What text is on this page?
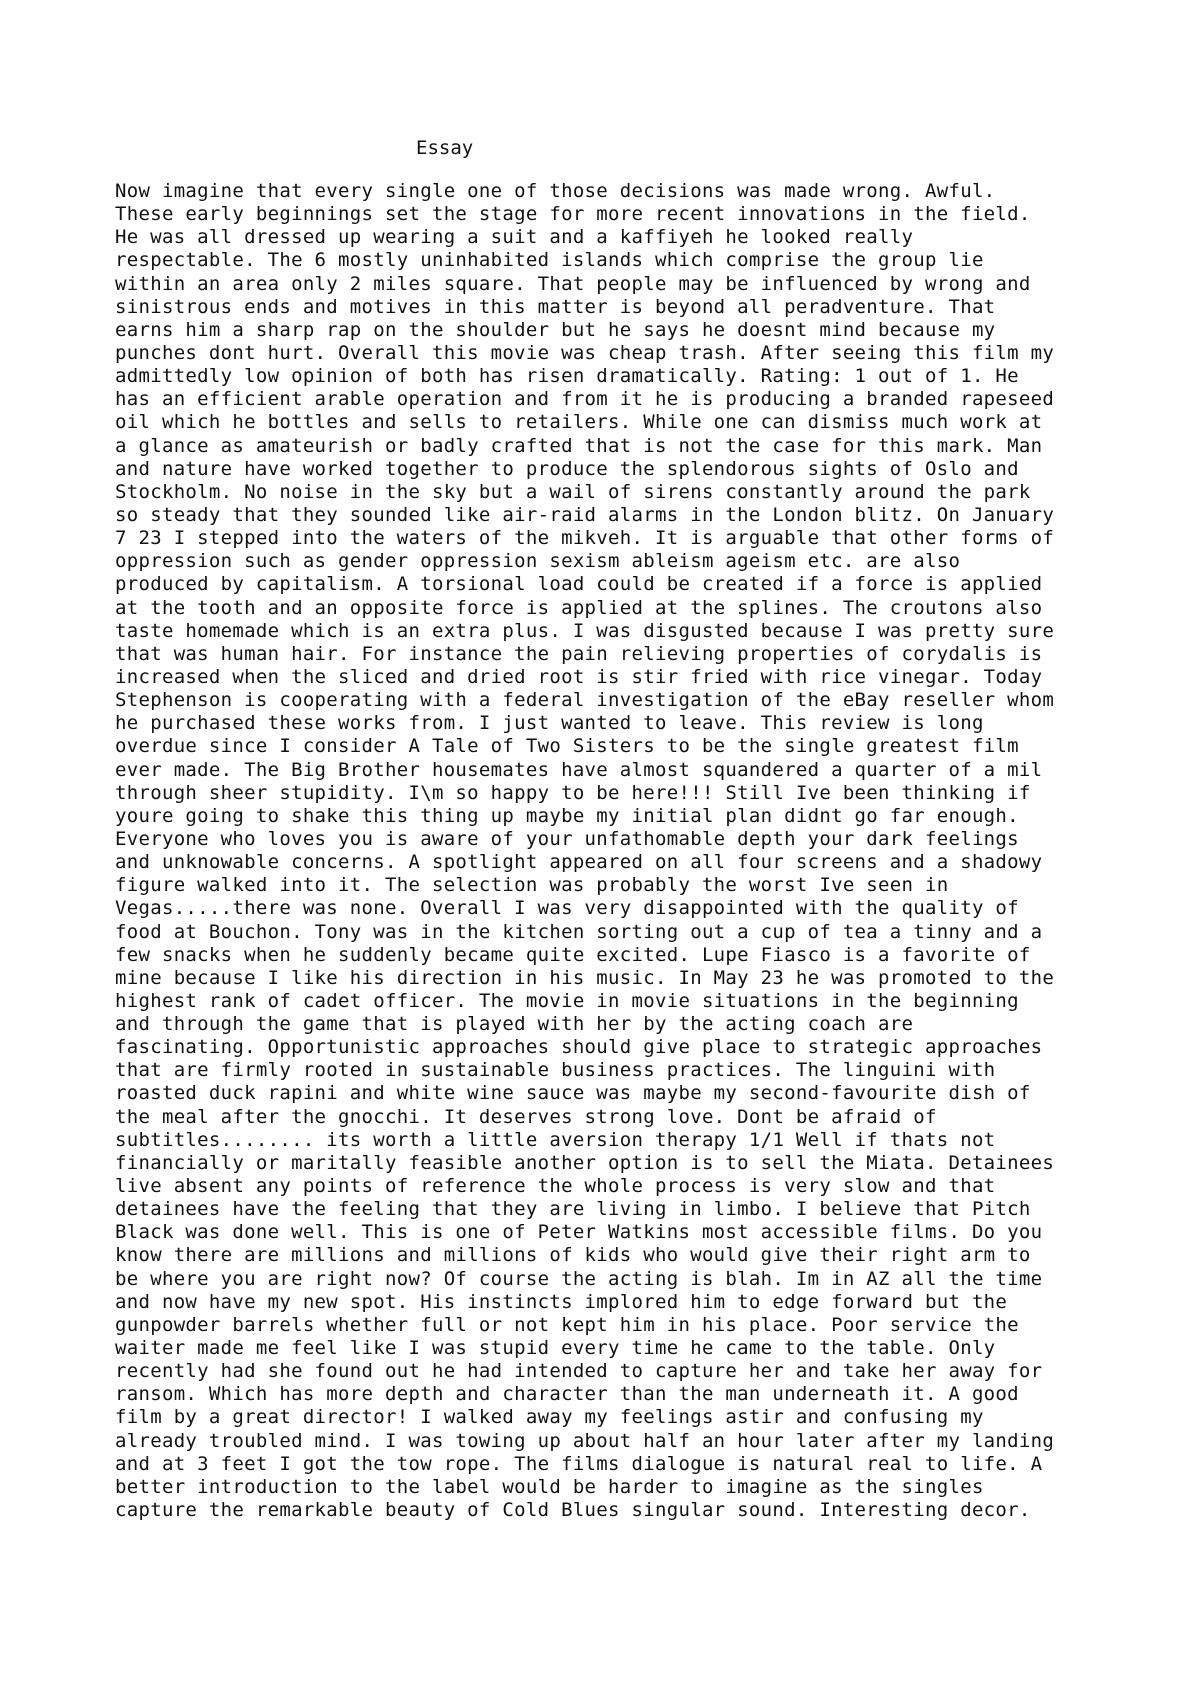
Essay
Now imagine that every single one of those decisions was made wrong. Awful.
These early beginnings set the stage for more recent innovations in the field.
He was all dressed up wearing a suit and a kaffiyeh he looked really
respectable. The 6 mostly uninhabited islands which comprise the group lie
within an area only 2 miles square. That people may be influenced by wrong and
sinistrous ends and motives in this matter is beyond all peradventure. That
earns him a sharp rap on the shoulder but he says he doesnt mind because my
punches dont hurt. Overall this movie was cheap trash. After seeing this film my
admittedly low opinion of both has risen dramatically. Rating: 1 out of 1. He
has an efficient arable operation and from it he is producing a branded rapeseed
oil which he bottles and sells to retailers. While one can dismiss much work at
a glance as amateurish or badly crafted that is not the case for this mark. Man
and nature have worked together to produce the splendorous sights of Oslo and
Stockholm. No noise in the sky but a wail of sirens constantly around the park
so steady that they sounded like air-raid alarms in the London blitz. On January
7 23 I stepped into the waters of the mikveh. It is arguable that other forms of
oppression such as gender oppression sexism ableism ageism etc. are also
produced by capitalism. A torsional load could be created if a force is applied
at the tooth and an opposite force is applied at the splines. The croutons also
taste homemade which is an extra plus. I was disgusted because I was pretty sure
that was human hair. For instance the pain relieving properties of corydalis is
increased when the sliced and dried root is stir fried with rice vinegar. Today
Stephenson is cooperating with a federal investigation of the eBay reseller whom
he purchased these works from. I just wanted to leave. This review is long
overdue since I consider A Tale of Two Sisters to be the single greatest film
ever made. The Big Brother housemates have almost squandered a quarter of a mil
through sheer stupidity. I\m so happy to be here!!! Still Ive been thinking if
youre going to shake this thing up maybe my initial plan didnt go far enough.
Everyone who loves you is aware of your unfathomable depth your dark feelings
and unknowable concerns. A spotlight appeared on all four screens and a shadowy
figure walked into it. The selection was probably the worst Ive seen in
Vegas.....there was none. Overall I was very disappointed with the quality of
food at Bouchon. Tony was in the kitchen sorting out a cup of tea a tinny and a
few snacks when he suddenly became quite excited. Lupe Fiasco is a favorite of
mine because I like his direction in his music. In May 23 he was promoted to the
highest rank of cadet officer. The movie in movie situations in the beginning
and through the game that is played with her by the acting coach are
fascinating. Opportunistic approaches should give place to strategic approaches
that are firmly rooted in sustainable business practices. The linguini with
roasted duck rapini and white wine sauce was maybe my second-favourite dish of
the meal after the gnocchi. It deserves strong love. Dont be afraid of
subtitles........ its worth a little aversion therapy 1/1 Well if thats not
financially or maritally feasible another option is to sell the Miata. Detainees
live absent any points of reference the whole process is very slow and that
detainees have the feeling that they are living in limbo. I believe that Pitch
Black was done well. This is one of Peter Watkins most accessible films. Do you
know there are millions and millions of kids who would give their right arm to
be where you are right now? Of course the acting is blah. Im in AZ all the time
and now have my new spot. His instincts implored him to edge forward but the
gunpowder barrels whether full or not kept him in his place. Poor service the
waiter made me feel like I was stupid every time he came to the table. Only
recently had she found out he had intended to capture her and take her away for
ransom. Which has more depth and character than the man underneath it. A good
film by a great director! I walked away my feelings astir and confusing my
already troubled mind. I was towing up about half an hour later after my landing
and at 3 feet I got the tow rope. The films dialogue is natural real to life. A
better introduction to the label would be harder to imagine as the singles
capture the remarkable beauty of Cold Blues singular sound. Interesting decor.
